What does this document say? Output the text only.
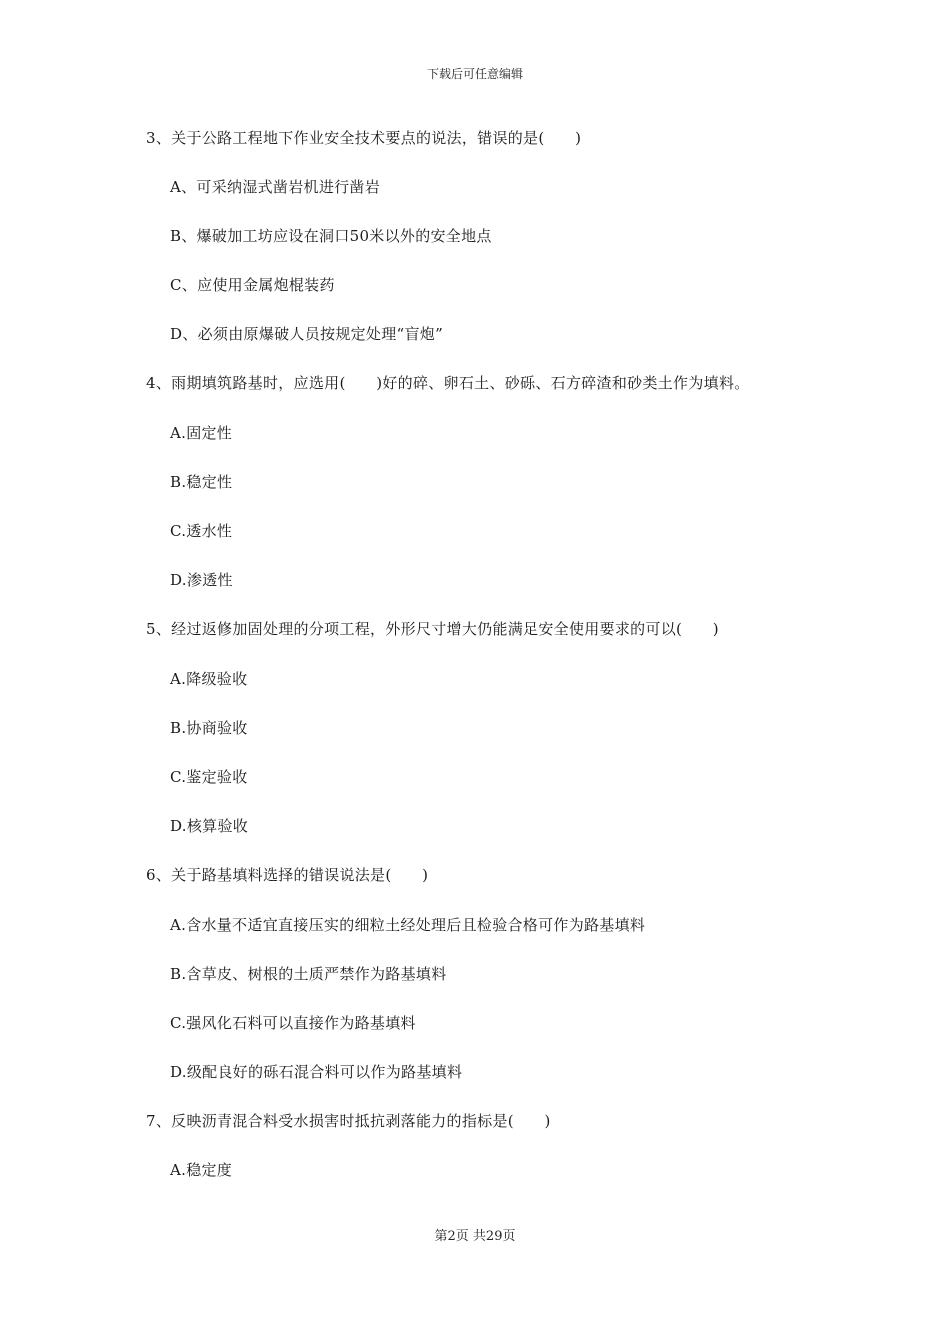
下载后可任意编辑
3、关于公路工程地下作业安全技术要点的说法，错误的是(　　)
A、可采纳湿式凿岩机进行凿岩
B、爆破加工坊应设在洞口50米以外的安全地点
C、应使用金属炮棍装药
D、必须由原爆破人员按规定处理“盲炮”
4、雨期填筑路基时，应选用(　　)好的碎、卵石土、砂砾、石方碎渣和砂类土作为填料。
A.固定性
B.稳定性
C.透水性
D.渗透性
5、经过返修加固处理的分项工程，外形尺寸增大仍能满足安全使用要求的可以(　　)
A.降级验收
B.协商验收
C.鉴定验收
D.核算验收
6、关于路基填料选择的错误说法是(　　)
A.含水量不适宜直接压实的细粒土经处理后且检验合格可作为路基填料
B.含草皮、树根的土质严禁作为路基填料
C.强风化石料可以直接作为路基填料
D.级配良好的砾石混合料可以作为路基填料
7、反映沥青混合料受水损害时抵抗剥落能力的指标是(　　)
A.稳定度
第2页 共29页
